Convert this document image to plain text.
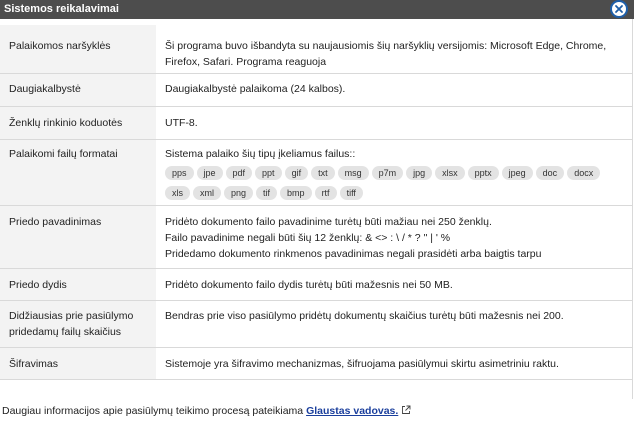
Sistemos reikalavimai
Palaikomos naršyklės	Ši programa buvo išbandyta su naujausiomis šių naršyklių versijomis: Microsoft Edge, Chrome,
Firefox, Safari. Programa reaguoja

Daugiakalbystė	Daugiakalbystė palaikoma (24 kalbos).

Ženklų rinkinio koduotės	UTF-8.

Palaikomi failų formatai	Sistema palaiko šių tipų įkeliamus failus::
pps jpe pdf ppt gif txt msg p7m jpg xlsx pptx jpeg doc docxxls xml png tif bmp rtf tiff

Priedo pavadinimas	Pridėto dokumento failo pavadinime turėtų būti mažiau nei 250 ženklų.
Failo pavadinime negali būti šių 12 ženklų: & <> : \ / * ? " | ' %
Pridedamo dokumento rinkmenos pavadinimas negali prasidėti arba baigtis tarpu

Priedo dydis	Pridėto dokumento failo dydis turėtų būti mažesnis nei 50 MB.

Didžiausias prie pasiūlymo pridedamų failų skaičius	Bendras prie viso pasiūlymo pridėtų dokumentų skaičius turėtų būti mažesnis nei 200.

Šifravimas	Sistemoje yra šifravimo mechanizmas, šifruojama pasiūlymui skirtu asimetriniu raktu.
Daugiau informacijos apie pasiūlymų teikimo procesą pateikiama Glaustas vadovas.
